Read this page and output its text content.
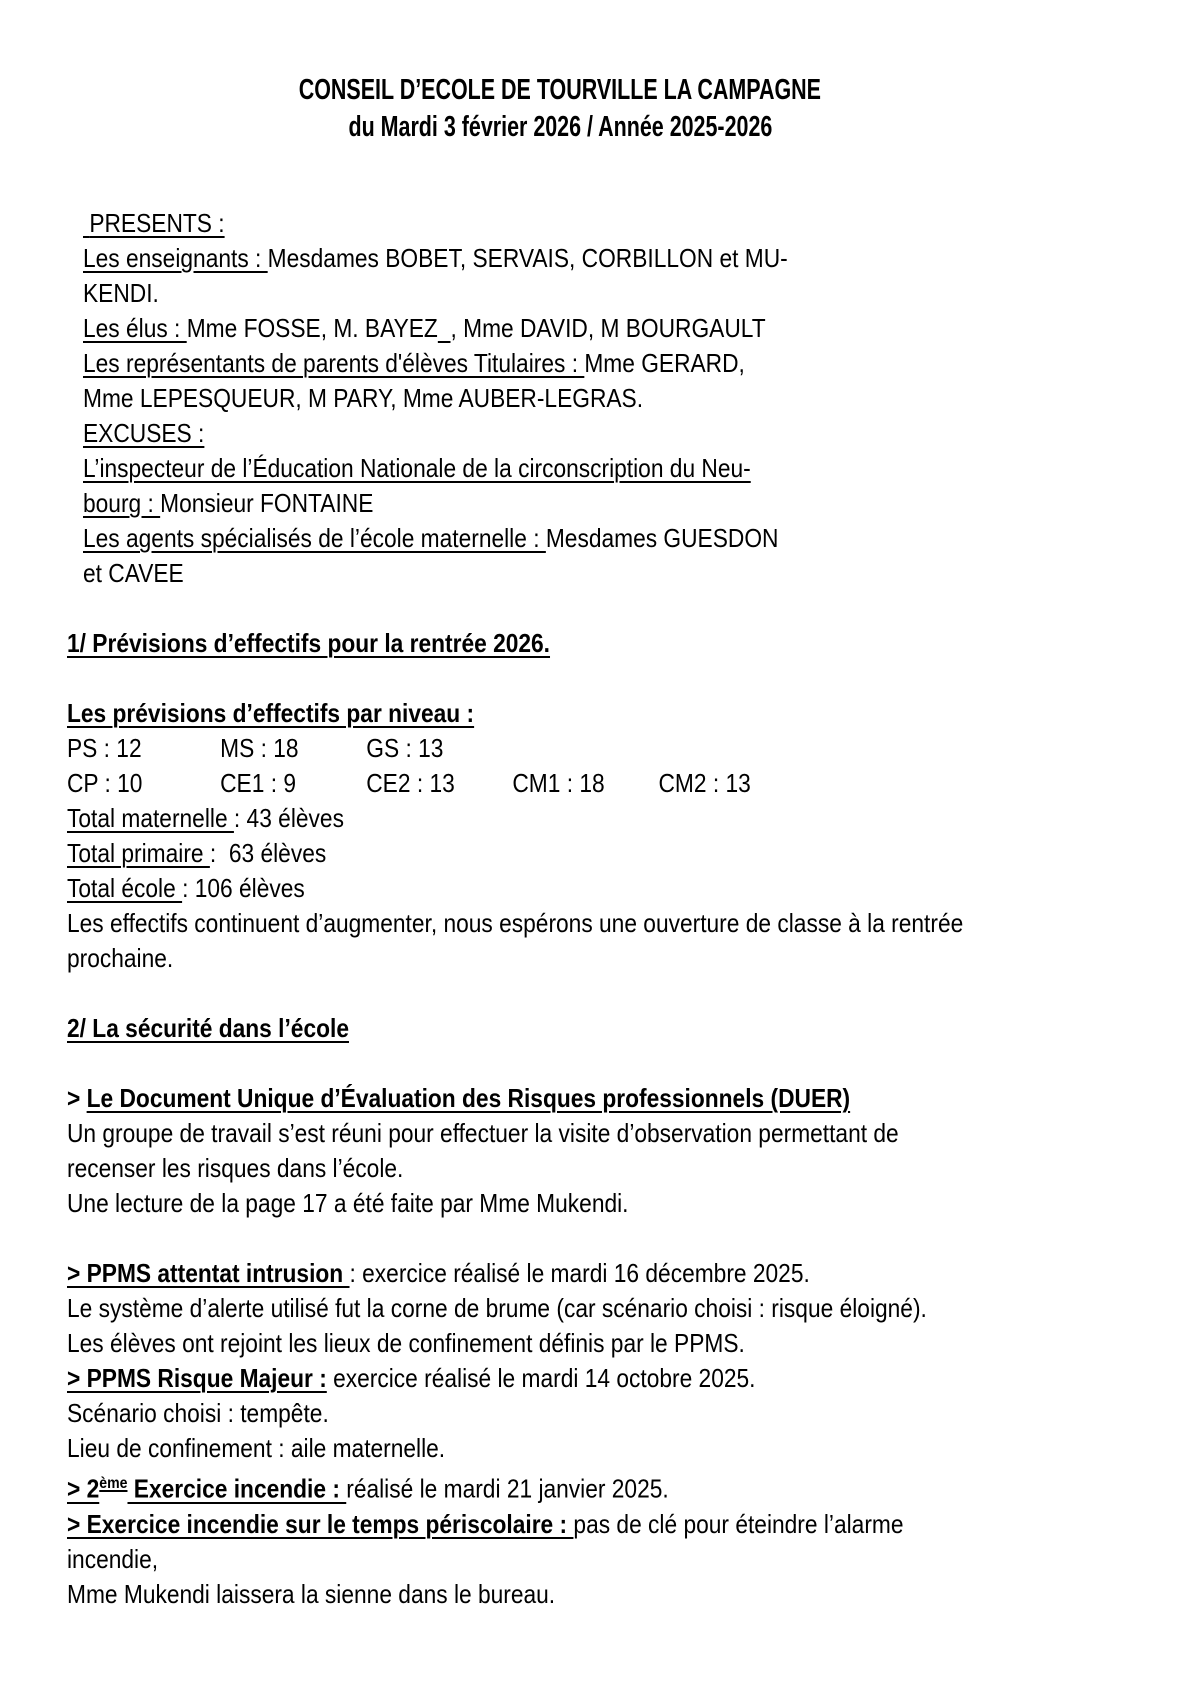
CONSEIL D’ECOLE DE TOURVILLE LA CAMPAGNE
du Mardi 3 février 2026 / Année 2025-2026

PRESENTS :
Les enseignants : Mesdames BOBET, SERVAIS, CORBILLON et MU-
KENDI.
Les élus : Mme FOSSE, M. BAYEZ , Mme DAVID, M BOURGAULT
Les représentants de parents d'élèves Titulaires : Mme GERARD,
Mme LEPESQUEUR, M PARY, Mme AUBER-LEGRAS.
EXCUSES :
L’inspecteur de l’Éducation Nationale de la circonscription du Neu-
bourg : Monsieur FONTAINE
Les agents spécialisés de l’école maternelle : Mesdames GUESDON
et CAVEE

1/ Prévisions d’effectifs pour la rentrée 2026.

Les prévisions d’effectifs par niveau :

PS : 12	MS : 18	GS : 13

CP : 10	CE1 : 9	CE2 : 13 CM1 : 18 CM2 : 13

Total maternelle : 43 élèves

Total primaire :  63 élèves

Total école : 106 élèves

Les effectifs continuent d’augmenter, nous espérons une ouverture de classe à la rentrée
prochaine.

2/ La sécurité dans l’école

> Le Document Unique d’Évaluation des Risques professionnels (DUER)

Un groupe de travail s’est réuni pour effectuer la visite d’observation permettant de
recenser les risques dans l’école.

Une lecture de la page 17 a été faite par Mme Mukendi.

> PPMS attentat intrusion : exercice réalisé le mardi 16 décembre 2025.

Le système d’alerte utilisé fut la corne de brume (car scénario choisi : risque éloigné).

Les élèves ont rejoint les lieux de confinement définis par le PPMS.

> PPMS Risque Majeur : exercice réalisé le mardi 14 octobre 2025.

Scénario choisi : tempête.

Lieu de confinement : aile maternelle.

> 2ème Exercice incendie : réalisé le mardi 21 janvier 2025.

> Exercice incendie sur le temps périscolaire : pas de clé pour éteindre l’alarme incendie,
Mme Mukendi laissera la sienne dans le bureau.
